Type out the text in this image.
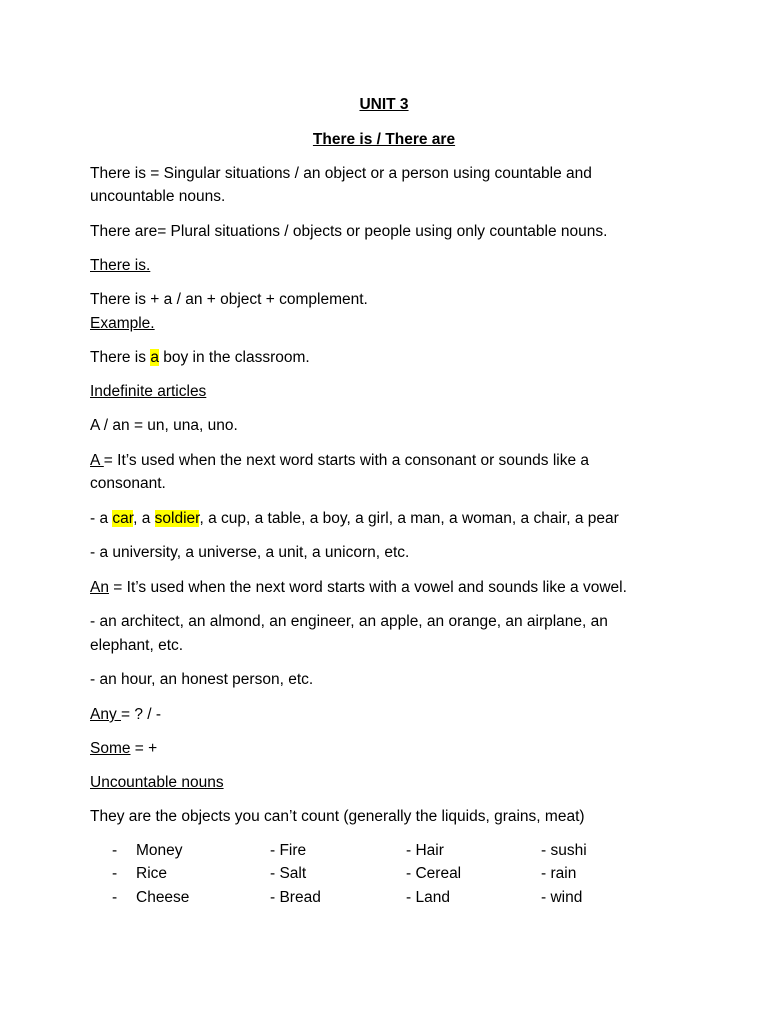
UNIT 3
There is / There are
There is = Singular situations / an object or a person using countable and
uncountable nouns.
There are= Plural situations / objects or people using only countable nouns.
There is.
There is + a / an + object + complement.
Example.
There is a boy in the classroom.
Indefinite articles
A / an = un, una, uno.
A = It’s used when the next word starts with a consonant or sounds like a
consonant.
- a car, a soldier, a cup, a table, a boy, a girl, a man, a woman, a chair, a pear
- a university, a universe, a unit, a unicorn, etc.
An = It’s used when the next word starts with a vowel and sounds like a vowel.
- an architect, an almond, an engineer, an apple, an orange, an airplane, an
elephant, etc.
- an hour, an honest person, etc.
Any = ? / -
Some = +
Uncountable nouns
They are the objects you can’t count (generally the liquids, grains, meat)
- Money	- Fire	- Hair	- sushi
- Rice	- Salt	- Cereal	- rain
- Cheese	- Bread	- Land	- wind
